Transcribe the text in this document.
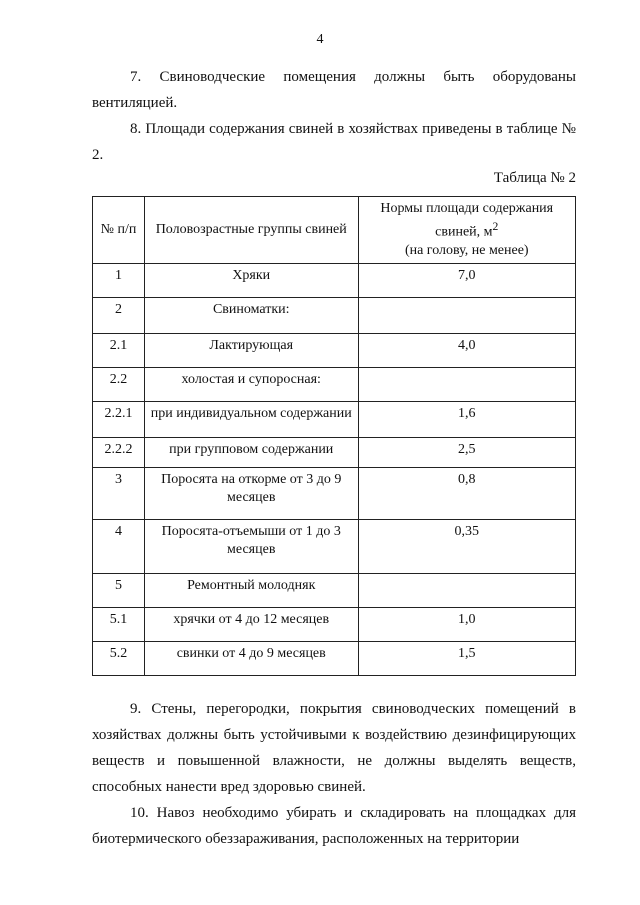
4

7. Свиноводческие помещения должны быть оборудованы вентиляцией.

8. Площади содержания свиней в хозяйствах приведены в таблице № 2.

Таблица № 2
№ п/п	Половозрастные группы свиней	Нормы площади содержания свиней, $м^2$
(на голову, не менее)
1	Хряки	7,0
2	Свиноматки:	
2.1	Лактирующая	4,0
2.2	холостая и супоросная:	
2.2.1	при индивидуальном содержании	1,6
2.2.2	при групповом содержании	2,5
3	Поросята на откорме от 3 до 9 месяцев	0,8
4	Поросята-отъемыши от 1 до 3 месяцев	0,35
5	Ремонтный молодняк	
5.1	хрячки от 4 до 12 месяцев	1,0
5.2	свинки от 4 до 9 месяцев	1,5

9. Стены, перегородки, покрытия свиноводческих помещений в хозяйствах должны быть устойчивыми к воздействию дезинфицирующих веществ и повышенной влажности, не должны выделять веществ, способных нанести вред здоровью свиней.

10. Навоз необходимо убирать и складировать на площадках для биотермического обеззараживания, расположенных на территории
